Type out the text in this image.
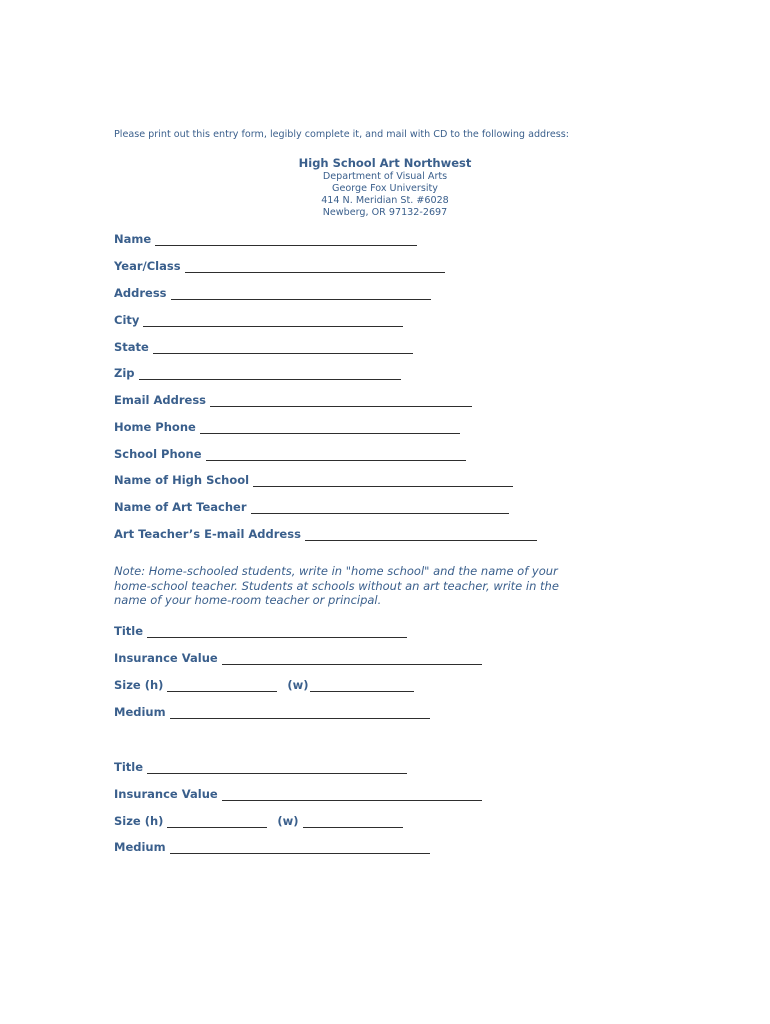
Please print out this entry form, legibly complete it, and mail with CD to the following address:
High School Art Northwest
Department of Visual Arts
George Fox University
414 N. Meridian St. #6028
Newberg, OR 97132-2697
Name
Year/Class
Address
City
State
Zip
Email Address
Home Phone
School Phone
Name of High School
Name of Art Teacher
Art Teacher’s E-mail Address
Note: Home-schooled students, write in "home school" and the name of your home-school teacher. Students at schools without an art teacher, write in the name of your home-room teacher or principal.
Title
Insurance Value
Size (h)	(w)
Medium
Title
Insurance Value
Size (h)	(w)
Medium
